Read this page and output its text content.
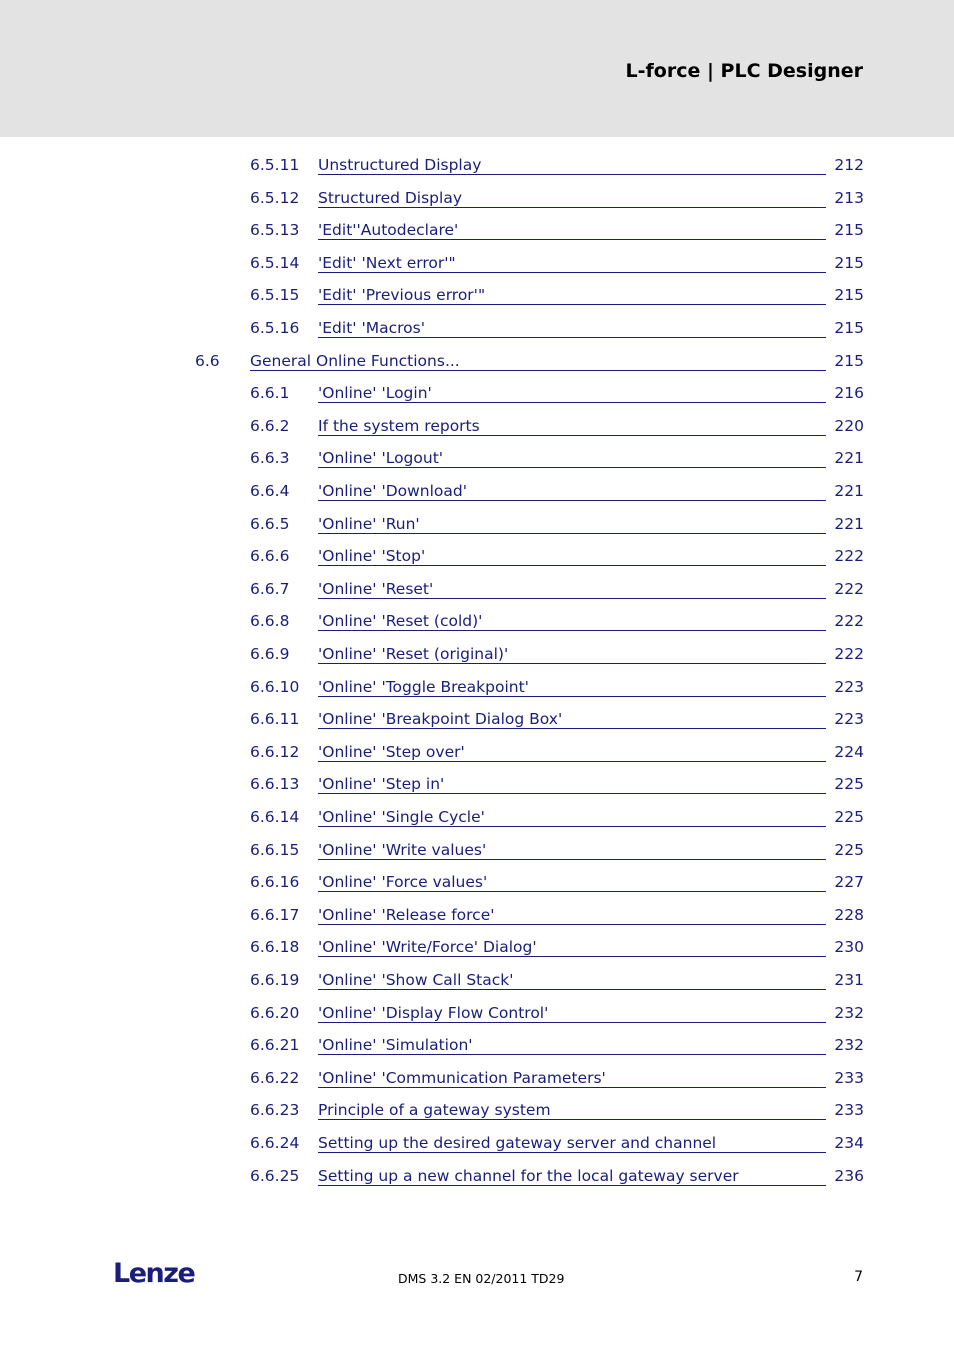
L-force | PLC Designer
6.5.11 Unstructured Display	212
6.5.12 Structured Display	213
6.5.13 'Edit''Autodeclare'	215
6.5.14 'Edit' 'Next error'"	215
6.5.15 'Edit' 'Previous error'"	215
6.5.16 'Edit' 'Macros'	215
6.6 General Online Functions...	215
6.6.1 'Online' 'Login'	216
6.6.2 If the system reports	220
6.6.3 'Online' 'Logout'	221
6.6.4 'Online' 'Download'	221
6.6.5 'Online' 'Run'	221
6.6.6 'Online' 'Stop'	222
6.6.7 'Online' 'Reset'	222
6.6.8 'Online' 'Reset (cold)'	222
6.6.9 'Online' 'Reset (original)'	222
6.6.10 'Online' 'Toggle Breakpoint'	223
6.6.11 'Online' 'Breakpoint Dialog Box'	223
6.6.12 'Online' 'Step over'	224
6.6.13 'Online' 'Step in'	225
6.6.14 'Online' 'Single Cycle'	225
6.6.15 'Online' 'Write values'	225
6.6.16 'Online' 'Force values'	227
6.6.17 'Online' 'Release force'	228
6.6.18 'Online' 'Write/Force' Dialog'	230
6.6.19 'Online' 'Show Call Stack'	231
6.6.20 'Online' 'Display Flow Control'	232
6.6.21 'Online' 'Simulation'	232
6.6.22 'Online' 'Communication Parameters'	233
6.6.23 Principle of a gateway system	233
6.6.24 Setting up the desired gateway server and channel	234
6.6.25 Setting up a new channel for the local gateway server	236
Lenze	DMS 3.2 EN 02/2011 TD29	7
